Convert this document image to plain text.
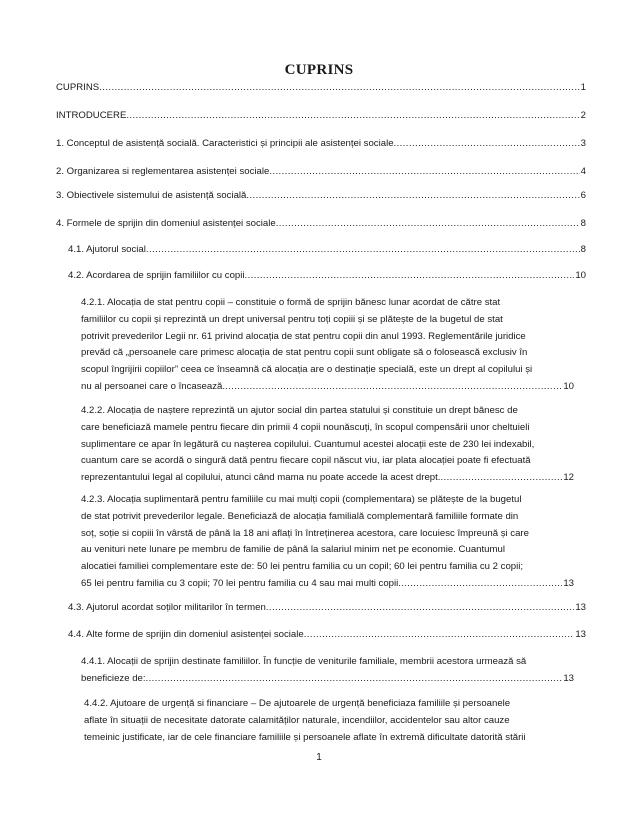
CUPRINS
CUPRINS .....	1
INTRODUCERE .....	2
1. Conceptul de asistență socială. Caracteristici și principii ale asistenței sociale .....	3
2. Organizarea si reglementarea asistenței sociale .....	4
3. Obiectivele sistemului de asistență socială .....	6
4. Formele de sprijin din domeniul asistenței sociale .....	8
4.1. Ajutorul social .....	8
4.2. Acordarea de sprijin familiilor cu copii .....	10
4.2.1. Alocația de stat pentru copii – constituie o formă de sprijin bănesc lunar acordat de către stat
familiilor cu copii și reprezintă un drept universal pentru toți copiii și se plătește de la bugetul de stat
potrivit prevederilor Legii nr. 61 privind alocația de stat pentru copii din anul 1993. Reglementările juridice
prevăd că „persoanele care primesc alocația de stat pentru copii sunt obligate să o folosească exclusiv în
scopul îngrijirii copiilor” ceea ce înseamnă că alocația are o destinație specială, este un drept al copilului și
nu al persoanei care o încasează. .....	10
4.2.2. Alocația de naștere reprezintă un ajutor social din partea statului și constituie un drept bănesc de
care beneficiază mamele pentru fiecare din primii 4 copii nounăscuți, în scopul compensării unor cheltuieli
suplimentare ce apar în legătură cu nașterea copilului. Cuantumul acestei alocații este de 230 lei indexabil,
cuantum care se acordă o singură dată pentru fiecare copil născut viu, iar plata alocației poate fi efectuată
reprezentantului legal al copilului, atunci când mama nu poate accede la acest drept. .....	12
4.2.3. Alocația suplimentară pentru familiile cu mai mulți copii (complementara) se plătește de la bugetul
de stat potrivit prevederilor legale. Beneficiază de alocația familială complementară familiile formate din
soț, soție si copiii în vârstă de până la 18 ani aflați în întreținerea acestora, care locuiesc împreună și care
au venituri nete lunare pe membru de familie de până la salariul minim net pe economie. Cuantumul
alocatiei familiei complementare este de: 50 lei pentru familia cu un copil; 60 lei pentru familia cu 2 copii;
65 lei pentru familia cu 3 copii; 70 lei pentru familia cu 4 sau mai multi copii. .....	13
4.3. Ajutorul acordat soților militarilor în termen .....	13
4.4. Alte forme de sprijin din domeniul asistenței sociale .....	13
4.4.1. Alocații de sprijin destinate familiilor. În funcție de veniturile familiale, membrii acestora urmează să
beneficieze de: .....	13
4.4.2. Ajutoare de urgență si financiare – De ajutoarele de urgență beneficiaza familiile și persoanele
aflate în situații de necesitate datorate calamităților naturale, incendiilor, accidentelor sau altor cauze
temeinic justificate, iar de cele financiare familiile și persoanele aflate în extremă dificultate datorită stării
1
